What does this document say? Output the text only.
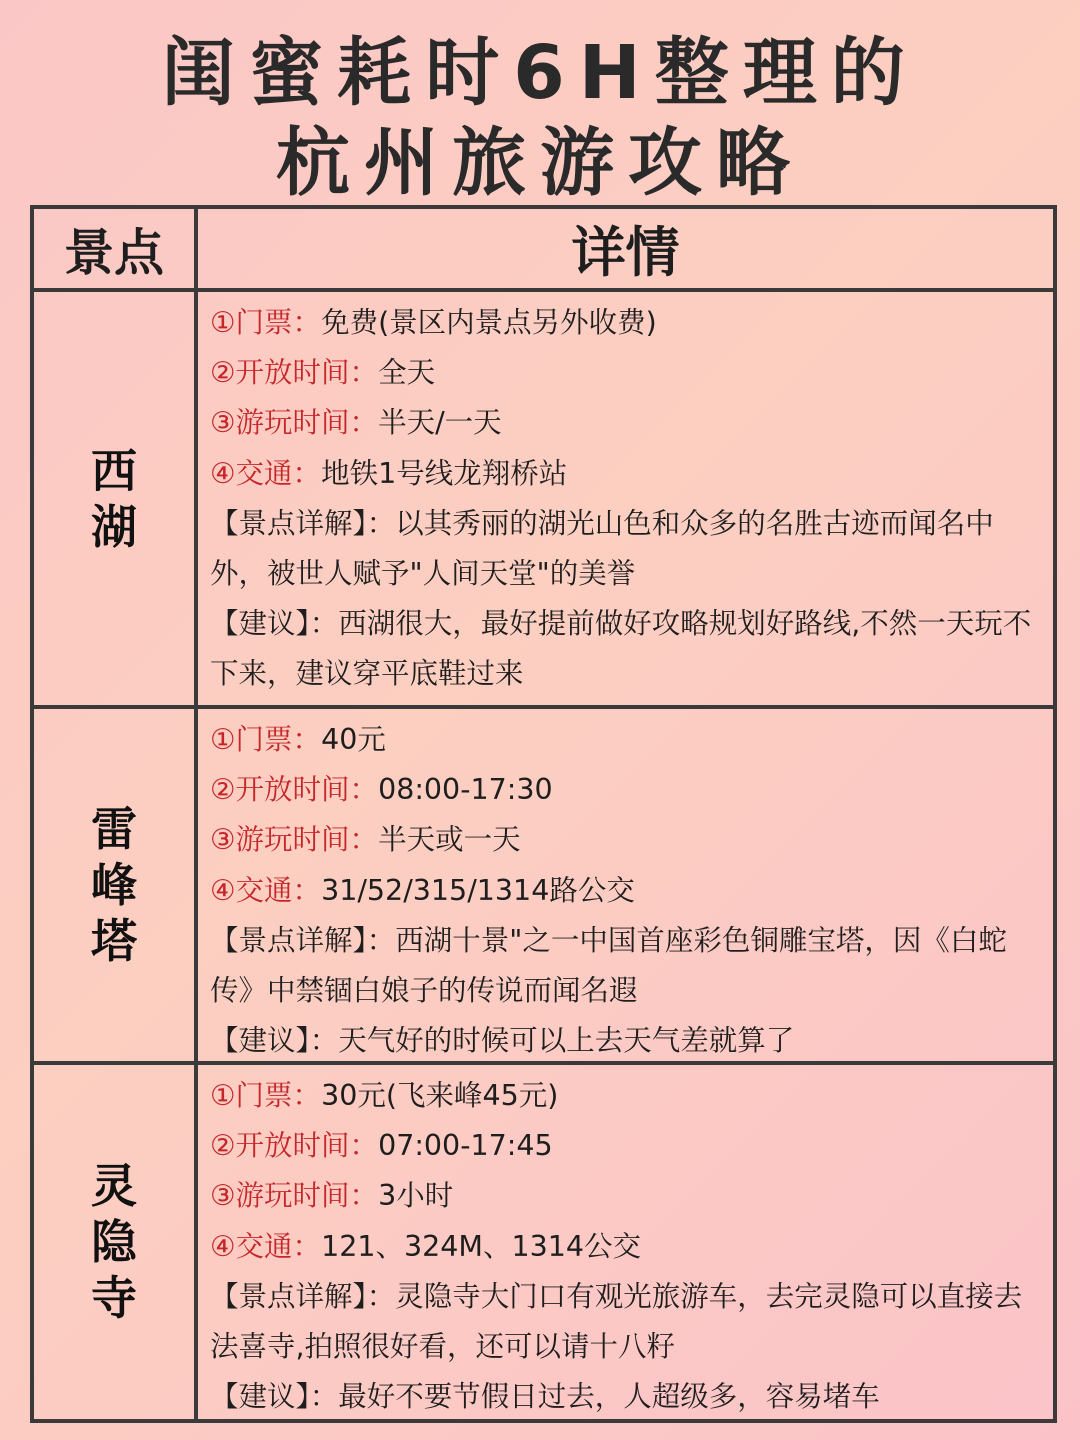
闺蜜耗时6H整理的
杭州旅游攻略
景点	详情
西湖
①门票：免费(景区内景点另外收费)
②开放时间：全天
③游玩时间：半天/一天
④交通：地铁1号线龙翔桥站
【景点详解】：以其秀丽的湖光山色和众多的名胜古迹而闻名中外，被世人赋予"人间天堂"的美誉
【建议】：西湖很大，最好提前做好攻略规划好路线,不然一天玩不下来，建议穿平底鞋过来
雷峰塔
①门票：40元
②开放时间：08:00-17:30
③游玩时间：半天或一天
④交通：31/52/315/1314路公交
【景点详解】：西湖十景"之一中国首座彩色铜雕宝塔，因《白蛇传》中禁锢白娘子的传说而闻名遐
【建议】：天气好的时候可以上去天气差就算了
灵隐寺
①门票：30元(飞来峰45元)
②开放时间：07:00-17:45
③游玩时间：3小时
④交通：121、324M、1314公交
【景点详解】：灵隐寺大门口有观光旅游车，去完灵隐可以直接去法喜寺,拍照很好看，还可以请十八籽
【建议】：最好不要节假日过去，人超级多，容易堵车
